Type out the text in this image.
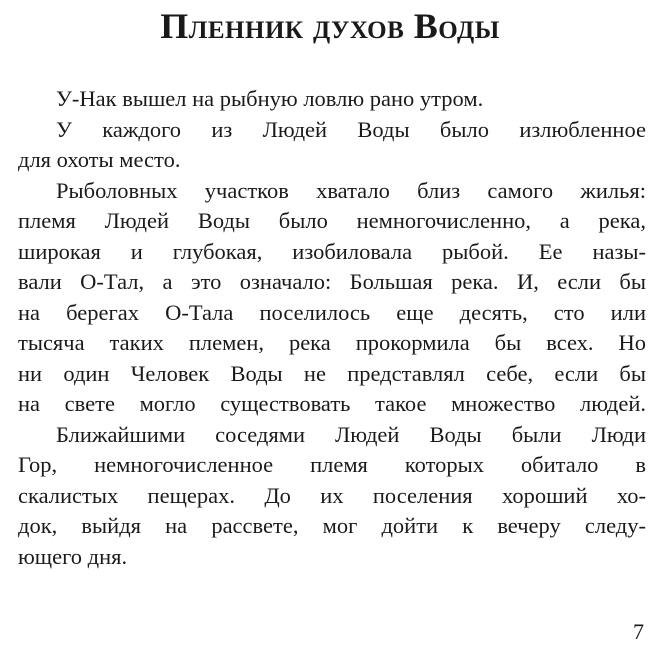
Пленник духов Воды
У-Нак вышел на рыбную ловлю рано утром.
У каждого из Людей Воды было излюбленное
для охоты место.
Рыболовных участков хватало близ самого жилья:
племя Людей Воды было немногочисленно, а река,
широкая и глубокая, изобиловала рыбой. Ее назы-
вали О-Тал, а это означало: Большая река. И, если бы
на берегах О-Тала поселилось еще десять, сто или
тысяча таких племен, река прокормила бы всех. Но
ни один Человек Воды не представлял себе, если бы
на свете могло существовать такое множество людей.
Ближайшими соседями Людей Воды были Люди
Гор, немногочисленное племя которых обитало в
скалистых пещерах. До их поселения хороший хо-
док, выйдя на рассвете, мог дойти к вечеру следу-
ющего дня.
7
